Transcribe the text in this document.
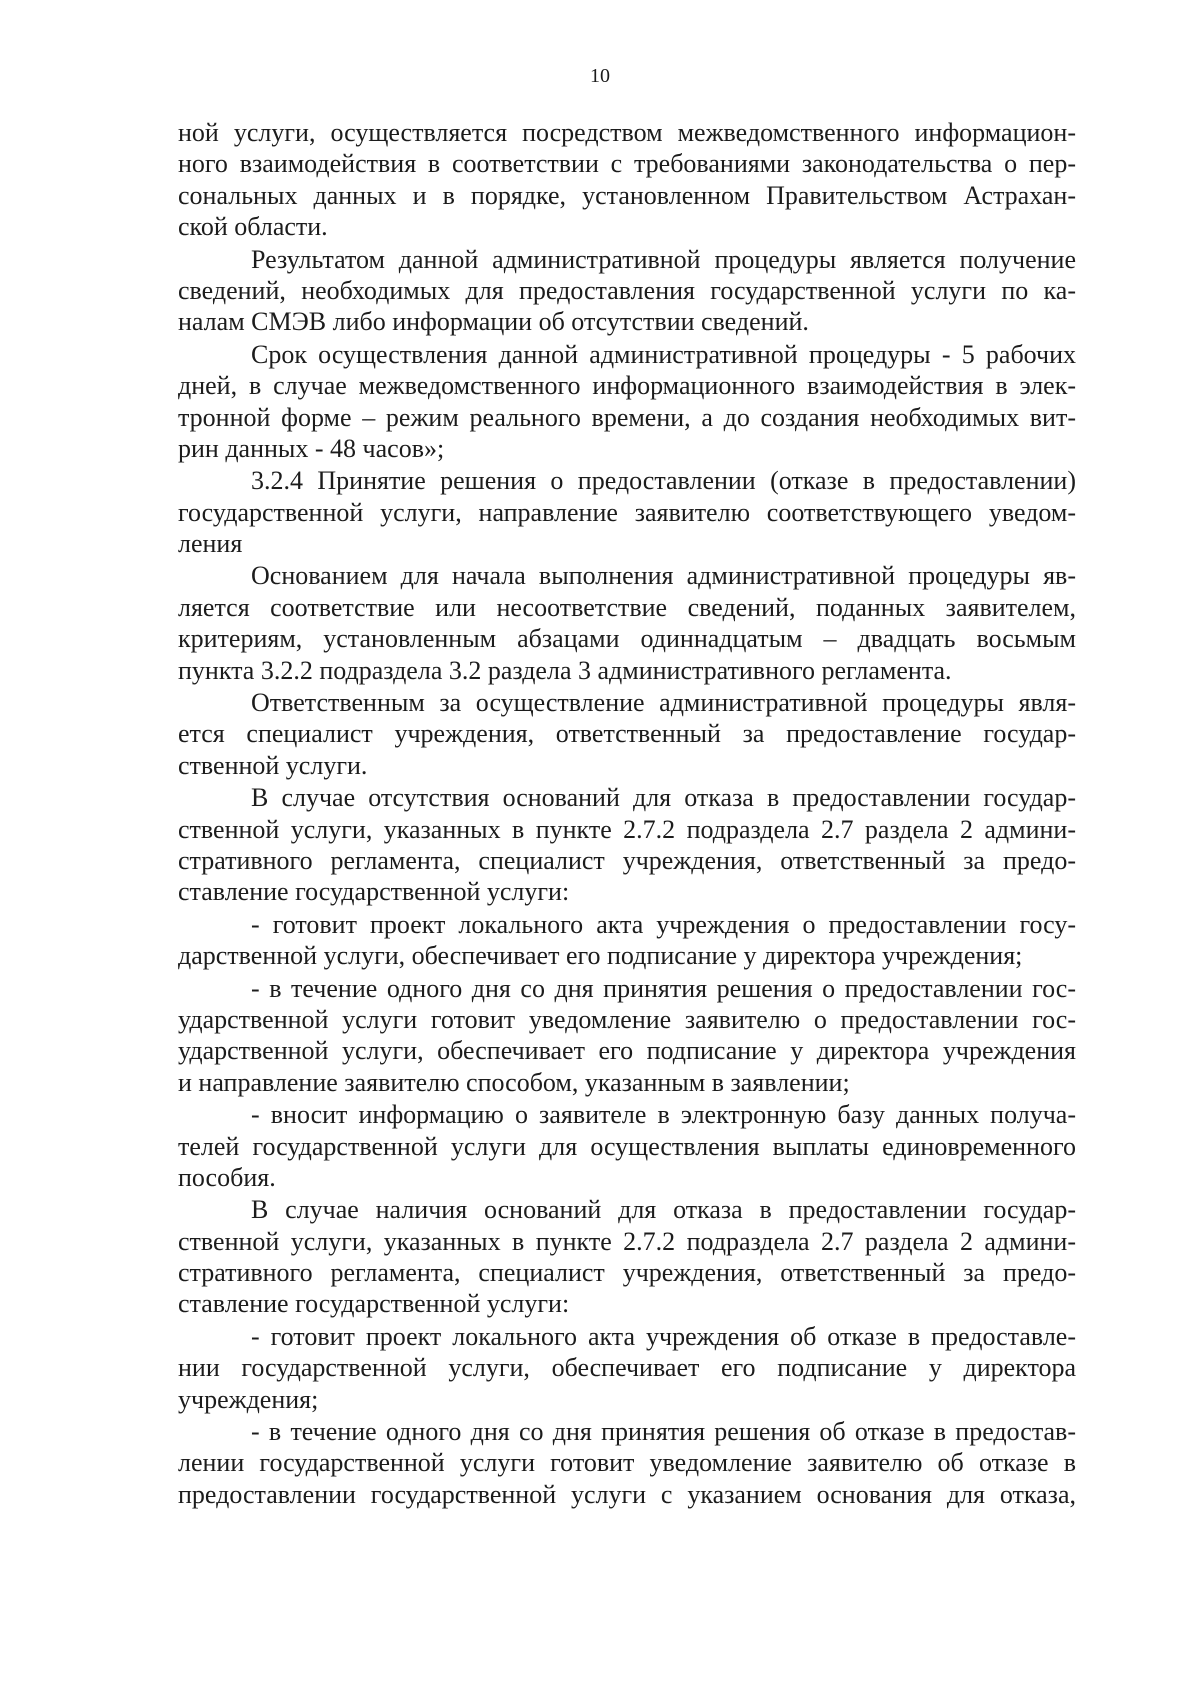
10
ной услуги, осуществляется посредством межведомственного информацион-
ного взаимодействия в соответствии с требованиями законодательства о пер-
сональных данных и в порядке, установленном Правительством Астрахан-
ской области.
Результатом данной административной процедуры является получение
сведений, необходимых для предоставления государственной услуги по ка-
налам СМЭВ либо информации об отсутствии сведений.
Срок осуществления данной административной процедуры - 5 рабочих
дней, в случае межведомственного информационного взаимодействия в элек-
тронной форме – режим реального времени, а до создания необходимых вит-
рин данных - 48 часов»;
3.2.4 Принятие решения о предоставлении (отказе в предоставлении)
государственной услуги, направление заявителю соответствующего уведом-
ления
Основанием для начала выполнения административной процедуры яв-
ляется соответствие или несоответствие сведений, поданных заявителем,
критериям, установленным абзацами одиннадцатым – двадцать восьмым
пункта 3.2.2 подраздела 3.2 раздела 3 административного регламента.
Ответственным за осуществление административной процедуры явля-
ется специалист учреждения, ответственный за предоставление государ-
ственной услуги.
В случае отсутствия оснований для отказа в предоставлении государ-
ственной услуги, указанных в пункте 2.7.2 подраздела 2.7 раздела 2 админи-
стративного регламента, специалист учреждения, ответственный за предо-
ставление государственной услуги:
- готовит проект локального акта учреждения о предоставлении госу-
дарственной услуги, обеспечивает его подписание у директора учреждения;
- в течение одного дня со дня принятия решения о предоставлении гос-
ударственной услуги готовит уведомление заявителю о предоставлении гос-
ударственной услуги, обеспечивает его подписание у директора учреждения
и направление заявителю способом, указанным в заявлении;
- вносит информацию о заявителе в электронную базу данных получа-
телей государственной услуги для осуществления выплаты единовременного
пособия.
В случае наличия оснований для отказа в предоставлении государ-
ственной услуги, указанных в пункте 2.7.2 подраздела 2.7 раздела 2 админи-
стративного регламента, специалист учреждения, ответственный за предо-
ставление государственной услуги:
- готовит проект локального акта учреждения об отказе в предоставле-
нии государственной услуги, обеспечивает его подписание у директора
учреждения;
- в течение одного дня со дня принятия решения об отказе в предостав-
лении государственной услуги готовит уведомление заявителю об отказе в
предоставлении государственной услуги с указанием основания для отказа,
